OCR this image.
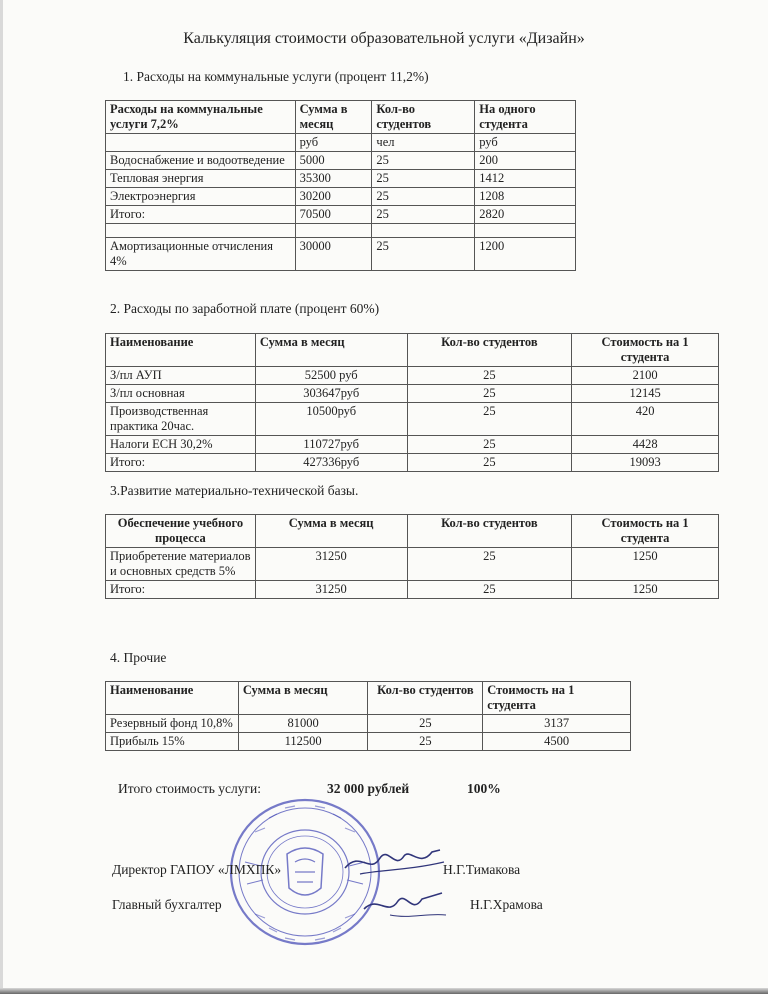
Калькуляция стоимости образовательной услуги «Дизайн»
1. Расходы на коммунальные услуги (процент 11,2%)
Расходы на коммунальные услуги 7,2%	Сумма в месяц	Кол-во студентов	На одного студента
	руб	чел	руб
Водоснабжение и водоотведение	5000	25	200
Тепловая энергия	35300	25	1412
Электроэнергия	30200	25	1208
Итого:	70500	25	2820

Амортизационные отчисления 4%	30000	25	1200
2. Расходы по заработной плате (процент 60%)
Наименование	Сумма в месяц	Кол-во студентов	Стоимость на 1 студента
З/пл АУП	52500 руб	25	2100
З/пл основная	303647руб	25	12145
Производственная практика 20час.	10500руб	25	420
Налоги ЕСН 30,2%	110727руб	25	4428
Итого:	427336руб	25	19093
3.Развитие материально-технической базы.
Обеспечение учебного процесса	Сумма в месяц	Кол-во студентов	Стоимость на 1 студента
Приобретение материалов и основных средств 5%	31250	25	1250
Итого:	31250	25	1250
4. Прочие
Наименование	Сумма в месяц	Кол-во студентов	Стоимость на 1 студента
Резервный фонд 10,8%	81000	25	3137
Прибыль 15%	112500	25	4500
Итого стоимость услуги:	32 000 рублей	100%
Директор ГАПОУ «ЛМХПК»	Н.Г.Тимакова
Главный бухгалтер	Н.Г.Храмова
